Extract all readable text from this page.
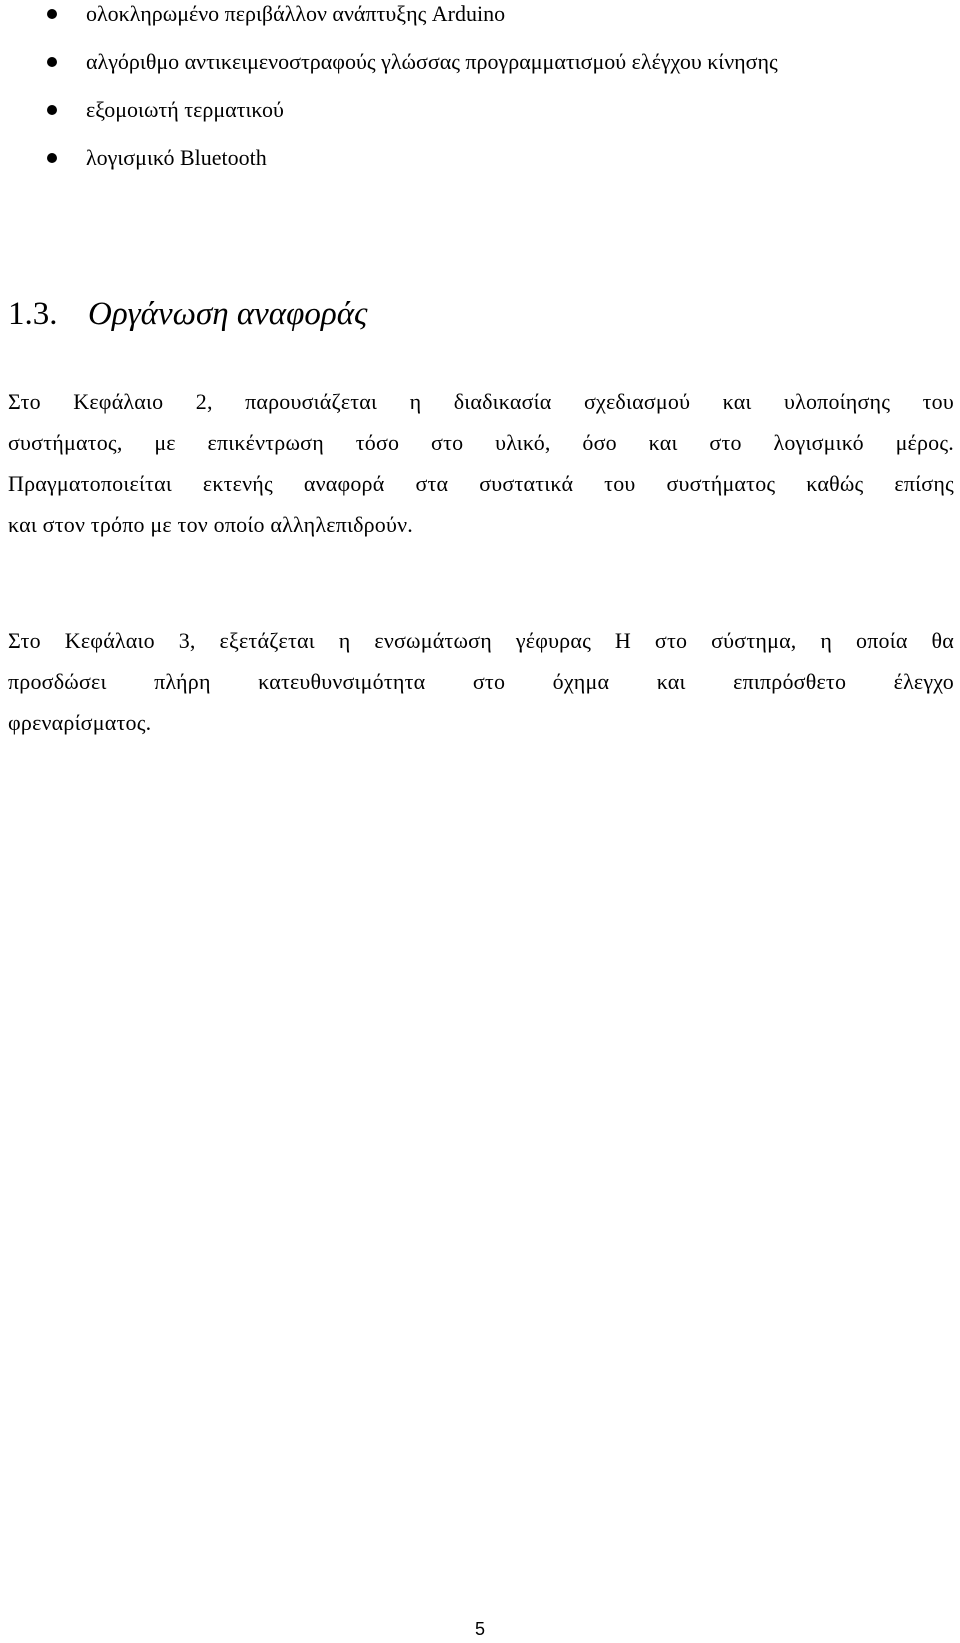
ολοκληρωμένο περιβάλλον ανάπτυξης Arduino
αλγόριθμο αντικειμενοστραφούς γλώσσας προγραμματισμού ελέγχου κίνησης
εξομοιωτή τερματικού
λογισμικό Bluetooth
1.3. Οργάνωση αναφοράς
Στο Κεφάλαιο 2, παρουσιάζεται η διαδικασία σχεδιασμού και υλοποίησης του
συστήματος, με επικέντρωση τόσο στο υλικό, όσο και στο λογισμικό μέρος.
Πραγματοποιείται εκτενής αναφορά στα συστατικά του συστήματος καθώς επίσης
και στον τρόπο με τον οποίο αλληλεπιδρούν.
Στο Κεφάλαιο 3, εξετάζεται η ενσωμάτωση γέφυρας Η στο σύστημα, η οποία θα
προσδώσει πλήρη κατευθυνσιμότητα στο όχημα και επιπρόσθετο έλεγχο
φρεναρίσματος.
5
